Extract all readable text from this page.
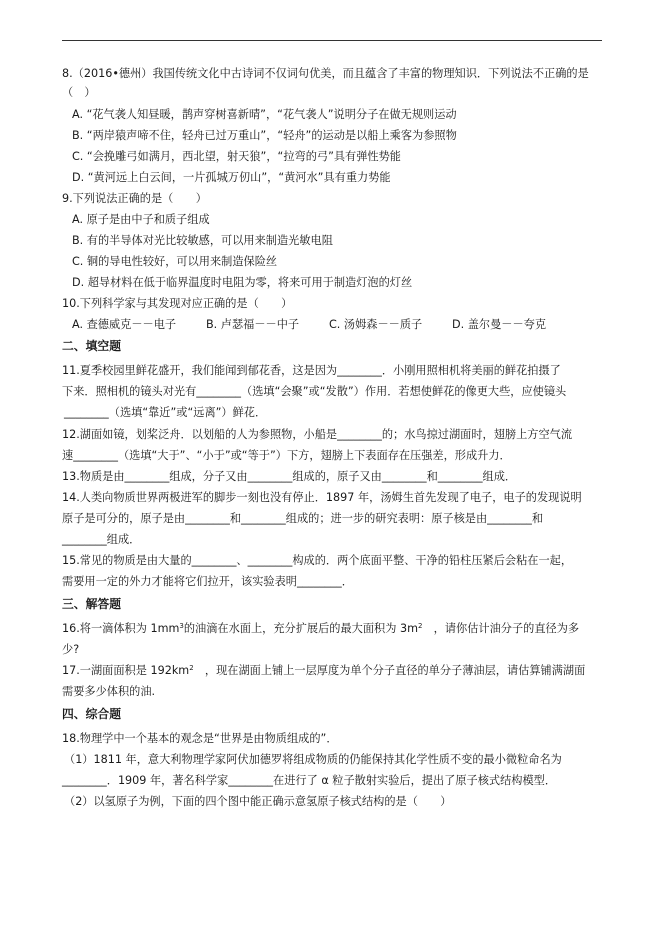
8.（2016•德州）我国传统文化中古诗词不仅词句优美，而且蕴含了丰富的物理知识．下列说法不正确的是
（　）
A. “花气袭人知昼暖，鹊声穿树喜新晴”，“花气袭人”说明分子在做无规则运动
B. “两岸猿声啼不住，轻舟已过万重山”，“轻舟”的运动是以船上乘客为参照物
C. “会挽雕弓如满月，西北望，射天狼”，“拉弯的弓”具有弹性势能
D. “黄河远上白云间，一片孤城万仞山”，“黄河水”具有重力势能
9.下列说法正确的是（　　）
A. 原子是由中子和质子组成
B. 有的半导体对光比较敏感，可以用来制造光敏电阻
C. 铜的导电性较好，可以用来制造保险丝
D. 超导材料在低于临界温度时电阻为零，将来可用于制造灯泡的灯丝
10.下列科学家与其发现对应正确的是（　　）
A. 查德威克－－电子	B. 卢瑟福－－中子	C. 汤姆森－－质子	D. 盖尔曼－－夸克
二、填空题
11.夏季校园里鲜花盛开，我们能闻到郁花香，这是因为________．小刚用照相机将美丽的鲜花拍摄了
下来．照相机的镜头对光有________（选填“会聚”或“发散”）作用．若想使鲜花的像更大些，应使镜头
________（选填“靠近”或“远离”）鲜花．
12.湖面如镜，划桨泛舟．以划船的人为参照物，小船是________的；水鸟掠过湖面时，翅膀上方空气流
速________（选填“大于”、“小于”或“等于”）下方，翅膀上下表面存在压强差，形成升力．
13.物质是由________组成，分子又由________组成的，原子又由________和________组成．
14.人类向物质世界两极进军的脚步一刻也没有停止．1897 年，汤姆生首先发现了电子，电子的发现说明
原子是可分的，原子是由________和________组成的；进一步的研究表明：原子核是由________和
________组成．
15.常见的物质是由大量的________、________构成的．两个底面平整、干净的铅柱压紧后会粘在一起，
需要用一定的外力才能将它们拉开，该实验表明________．
三、解答题
16.将一滴体积为 $1mm^3$的油滴在水面上，充分扩展后的最大面积为 $3m^2$　，请你估计油分子的直径为多
少?
17.一湖面面积是 $192km^2$　，现在湖面上铺上一层厚度为单个分子直径的单分子薄油层，请估算铺满湖面
需要多少体积的油.
四、综合题
18.物理学中一个基本的观念是“世界是由物质组成的”．
（1）1811 年，意大利物理学家阿伏加德罗将组成物质的仍能保持其化学性质不变的最小微粒命名为
________．1909 年，著名科学家________在进行了 α 粒子散射实验后，提出了原子核式结构模型．
（2）以氢原子为例，下面的四个图中能正确示意氢原子核式结构的是（　　）
